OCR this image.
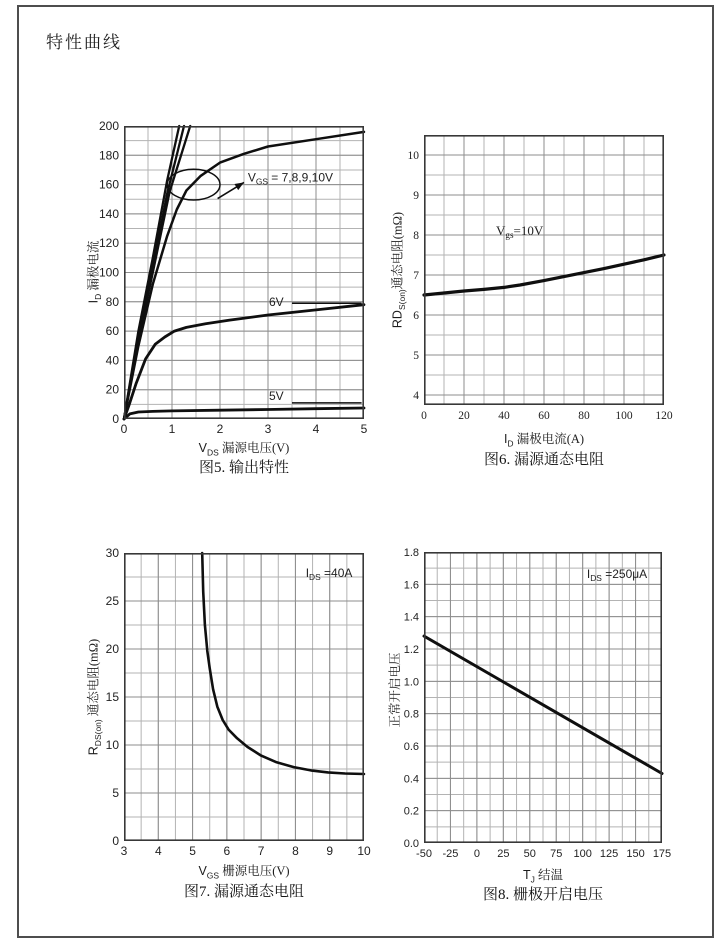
特性曲线
$I_D$ 漏极电流
0	1	2	3	4	5
0
20
40
60
80
100
120
140
160
180
200
$V_{GS} = 7,8,9,10V$
6V
5V
$V_{DS}$ 漏源电压(V)
图5. 输出特性
$RD_{S(on)}$通态电阻(mΩ)
0	20 40 60 80 100 120
4
5
6
7
8
9
10
$V_{gs}=10V$
$I_D$ 漏极电流(A)
图6. 漏源通态电阻
$R_{DS(on)}$ 通态电阻(mΩ)
3 4 5 6 7 8 9 10
0
5
10
15
20
25
30
$I_{DS} =40A$
$V_{GS}$ 栅源电压(V)
图7. 漏源通态电阻
正常开启电压
-50 -25 0 25 50 75 100 125 150 175
0.0
0.2
0.4
0.6
0.8
1.0
1.2
1.4
1.6
1.8
$I_{DS} =250\mu A$
$T_J$ 结温
图8. 栅极开启电压
